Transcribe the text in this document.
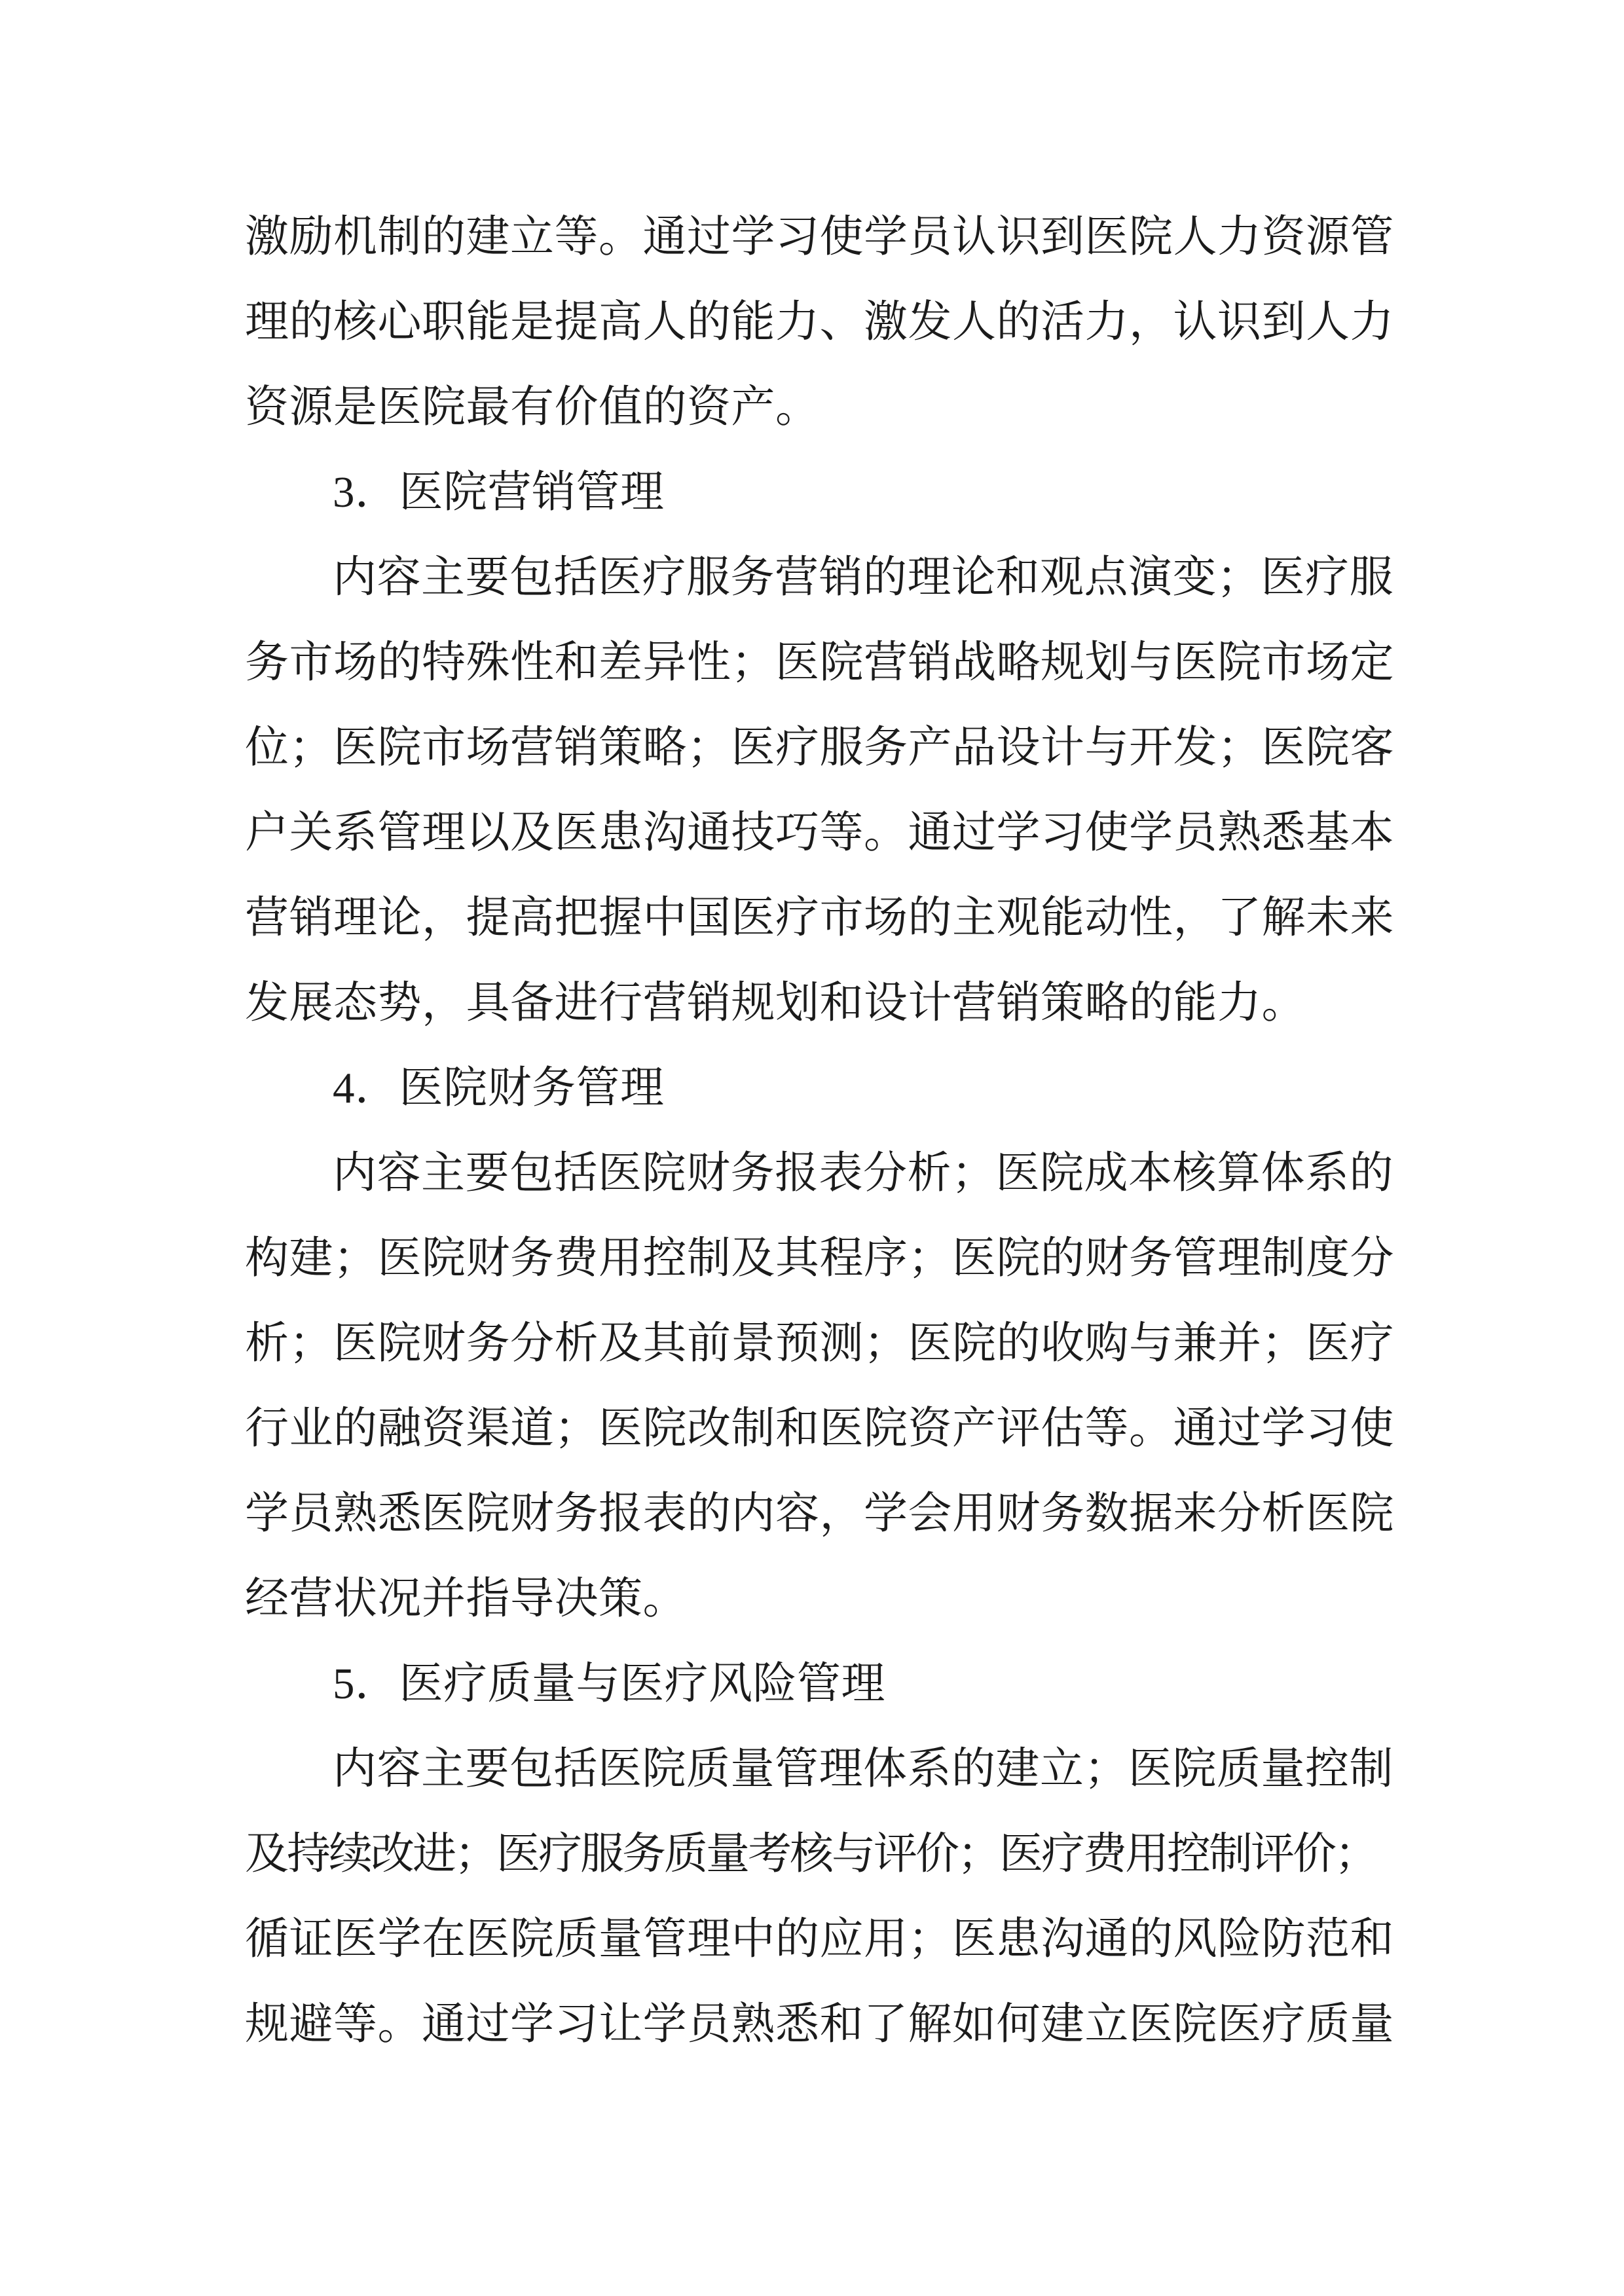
激励机制的建立等。通过学习使学员认识到医院人力资源管
理的核心职能是提高人的能力、激发人的活力，认识到人力
资源是医院最有价值的资产。
3．医院营销管理
内容主要包括医疗服务营销的理论和观点演变；医疗服
务市场的特殊性和差异性；医院营销战略规划与医院市场定
位；医院市场营销策略；医疗服务产品设计与开发；医院客
户关系管理以及医患沟通技巧等。通过学习使学员熟悉基本
营销理论，提高把握中国医疗市场的主观能动性，了解未来
发展态势，具备进行营销规划和设计营销策略的能力。
4．医院财务管理
内容主要包括医院财务报表分析；医院成本核算体系的
构建；医院财务费用控制及其程序；医院的财务管理制度分
析；医院财务分析及其前景预测；医院的收购与兼并；医疗
行业的融资渠道；医院改制和医院资产评估等。通过学习使
学员熟悉医院财务报表的内容，学会用财务数据来分析医院
经营状况并指导决策。
5．医疗质量与医疗风险管理
内容主要包括医院质量管理体系的建立；医院质量控制
及持续改进；医疗服务质量考核与评价；医疗费用控制评价；
循证医学在医院质量管理中的应用；医患沟通的风险防范和
规避等。通过学习让学员熟悉和了解如何建立医院医疗质量
